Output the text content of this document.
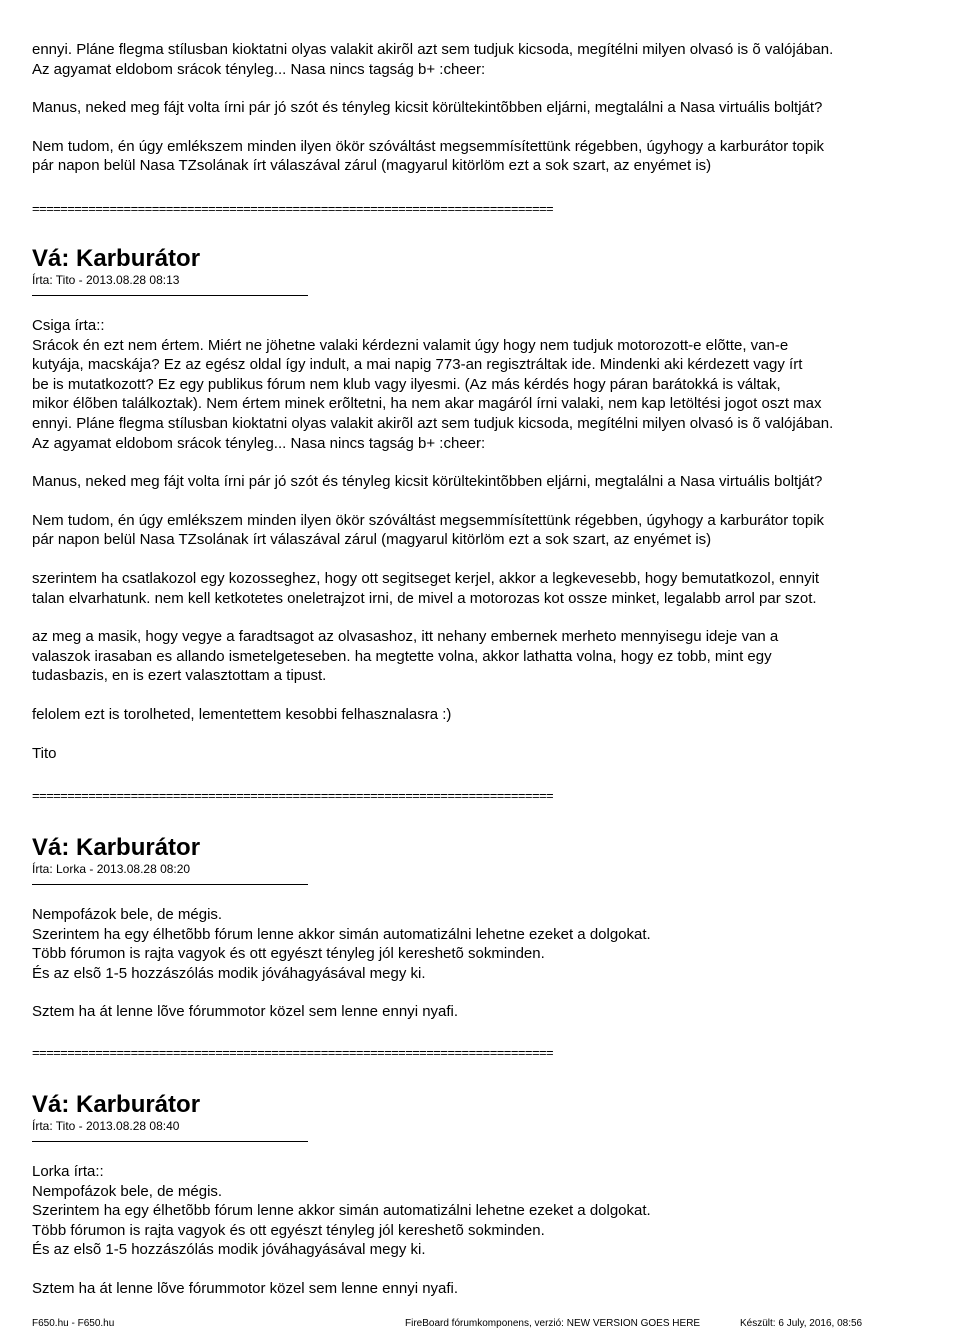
ennyi. Pláne flegma stílusban kioktatni olyas valakit akirõl azt sem tudjuk kicsoda, megítélni milyen olvasó is õ valójában.
Az agyamat eldobom srácok tényleg... Nasa nincs tagság b+ :cheer:

Manus, neked meg fájt volta írni pár jó szót és tényleg kicsit körültekintõbben eljárni, megtalálni a Nasa virtuális boltját?

Nem tudom, én úgy emlékszem minden ilyen ökör szóváltást megsemmísítettünk régebben, úgyhogy a karburátor topik
pár napon belül Nasa TZsolának írt válaszával zárul (magyarul kitörlöm ezt a sok szart, az enyémet is)

==========================================================================
Vá: Karburátor

Írta: Tito - 2013.08.28 08:13

Csiga írta::
Srácok én ezt nem értem. Miért ne jöhetne valaki kérdezni valamit úgy hogy nem tudjuk motorozott-e elõtte, van-e
kutyája, macskája? Ez az egész oldal így indult, a mai napig 773-an regisztráltak ide. Mindenki aki kérdezett vagy írt
be is mutatkozott? Ez egy publikus fórum nem klub vagy ilyesmi. (Az más kérdés hogy páran barátokká is váltak,
mikor élõben találkoztak). Nem értem minek erõltetni, ha nem akar magáról írni valaki, nem kap letöltési jogot oszt max
ennyi. Pláne flegma stílusban kioktatni olyas valakit akirõl azt sem tudjuk kicsoda, megítélni milyen olvasó is õ valójában.
Az agyamat eldobom srácok tényleg... Nasa nincs tagság b+ :cheer:

Manus, neked meg fájt volta írni pár jó szót és tényleg kicsit körültekintõbben eljárni, megtalálni a Nasa virtuális boltját?

Nem tudom, én úgy emlékszem minden ilyen ökör szóváltást megsemmísítettünk régebben, úgyhogy a karburátor topik
pár napon belül Nasa TZsolának írt válaszával zárul (magyarul kitörlöm ezt a sok szart, az enyémet is)

szerintem ha csatlakozol egy kozosseghez, hogy ott segitseget kerjel, akkor a legkevesebb, hogy bemutatkozol, ennyit
talan elvarhatunk. nem kell ketkotetes oneletrajzot irni, de mivel a motorozas kot ossze minket, legalabb arrol par szot.

az meg a masik, hogy vegye a faradtsagot az olvasashoz, itt nehany embernek merheto mennyisegu ideje van a
valaszok irasaban es allando ismetelgeteseben. ha megtette volna, akkor lathatta volna, hogy ez tobb, mint egy
tudasbazis, en is ezert valasztottam a tipust.

felolem ezt is torolheted, lementettem kesobbi felhasznalasra :)

Tito

==========================================================================
Vá: Karburátor

Írta: Lorka - 2013.08.28 08:20

Nempofázok bele, de mégis.
Szerintem ha egy élhetõbb fórum lenne akkor simán automatizálni lehetne ezeket a dolgokat.
Több fórumon is rajta vagyok és ott egyészt tényleg jól kereshetõ sokminden.
És az elsõ 1-5 hozzászólás modik jóváhagyásával megy ki.

Sztem ha át lenne lõve fórummotor közel sem lenne ennyi nyafi.

==========================================================================
Vá: Karburátor

Írta: Tito - 2013.08.28 08:40

Lorka írta::
Nempofázok bele, de mégis.
Szerintem ha egy élhetõbb fórum lenne akkor simán automatizálni lehetne ezeket a dolgokat.
Több fórumon is rajta vagyok és ott egyészt tényleg jól kereshetõ sokminden.
És az elsõ 1-5 hozzászólás modik jóváhagyásával megy ki.

Sztem ha át lenne lõve fórummotor közel sem lenne ennyi nyafi.

F650.hu - F650.hu	FireBoard fórumkomponens, verzió: NEW VERSION GOES HERE	Készült: 6 July, 2016, 08:56
